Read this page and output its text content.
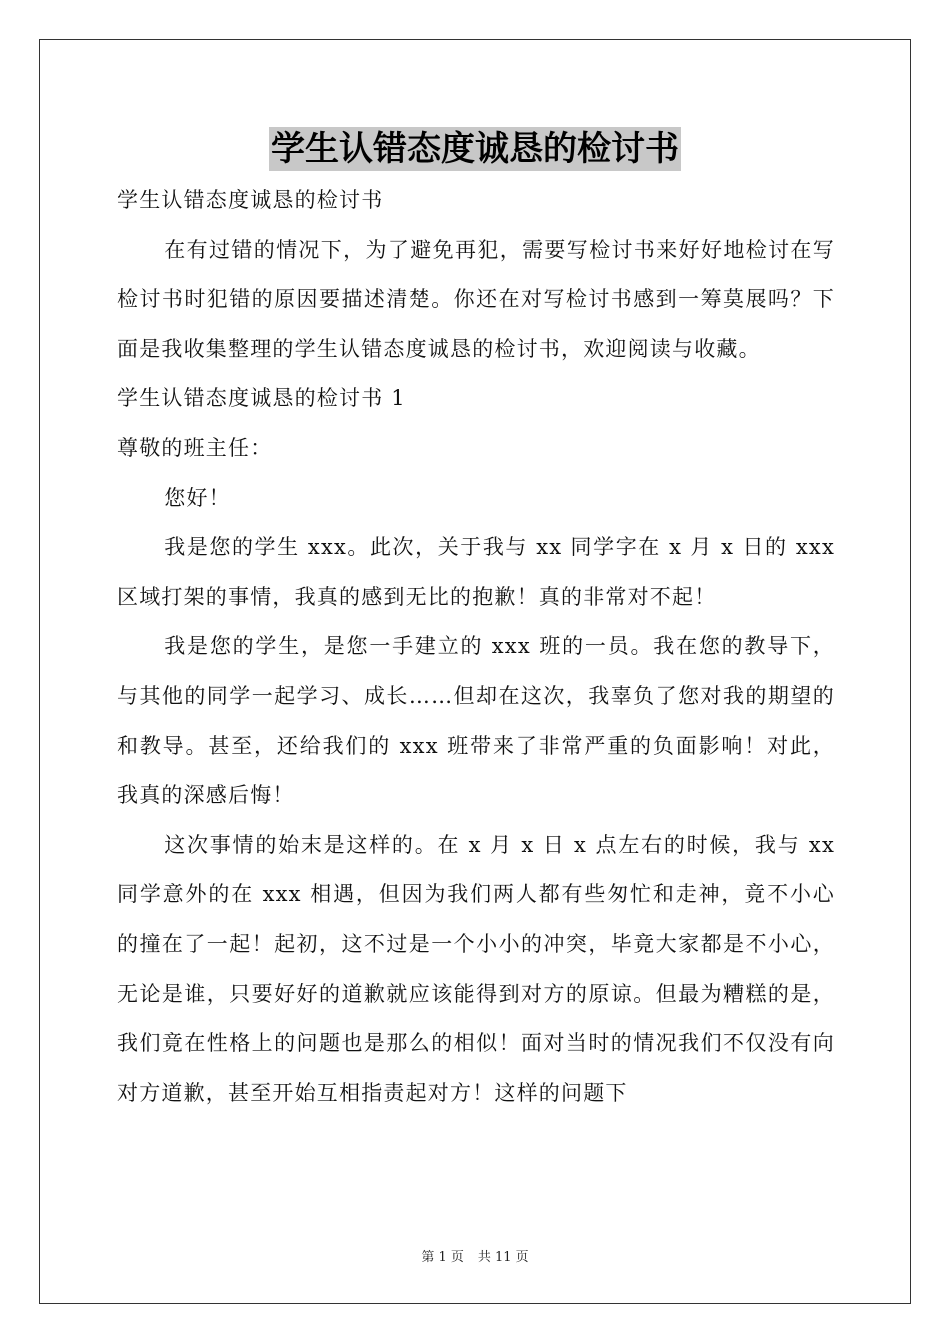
学生认错态度诚恳的检讨书

学生认错态度诚恳的检讨书

在有过错的情况下，为了避免再犯，需要写检讨书来好好地检讨在写检讨书时犯错的原因要描述清楚。你还在对写检讨书感到一筹莫展吗？下面是我收集整理的学生认错态度诚恳的检讨书，欢迎阅读与收藏。

学生认错态度诚恳的检讨书 1

尊敬的班主任：

您好！

我是您的学生 xxx。此次，关于我与 xx 同学字在 x 月 x 日的 xxx 区域打架的事情，我真的感到无比的抱歉！真的非常对不起！

我是您的学生，是您一手建立的 xxx 班的一员。我在您的教导下，与其他的同学一起学习、成长……但却在这次，我辜负了您对我的期望的和教导。甚至，还给我们的 xxx 班带来了非常严重的负面影响！对此，我真的深感后悔！

这次事情的始末是这样的。在 x 月 x 日 x 点左右的时候，我与 xx 同学意外的在 xxx 相遇，但因为我们两人都有些匆忙和走神，竟不小心的撞在了一起！起初，这不过是一个小小的冲突，毕竟大家都是不小心，无论是谁，只要好好的道歉就应该能得到对方的原谅。但最为糟糕的是，我们竟在性格上的问题也是那么的相似！面对当时的情况我们不仅没有向对方道歉，甚至开始互相指责起对方！这样的问题下

第 1 页 共 11 页
